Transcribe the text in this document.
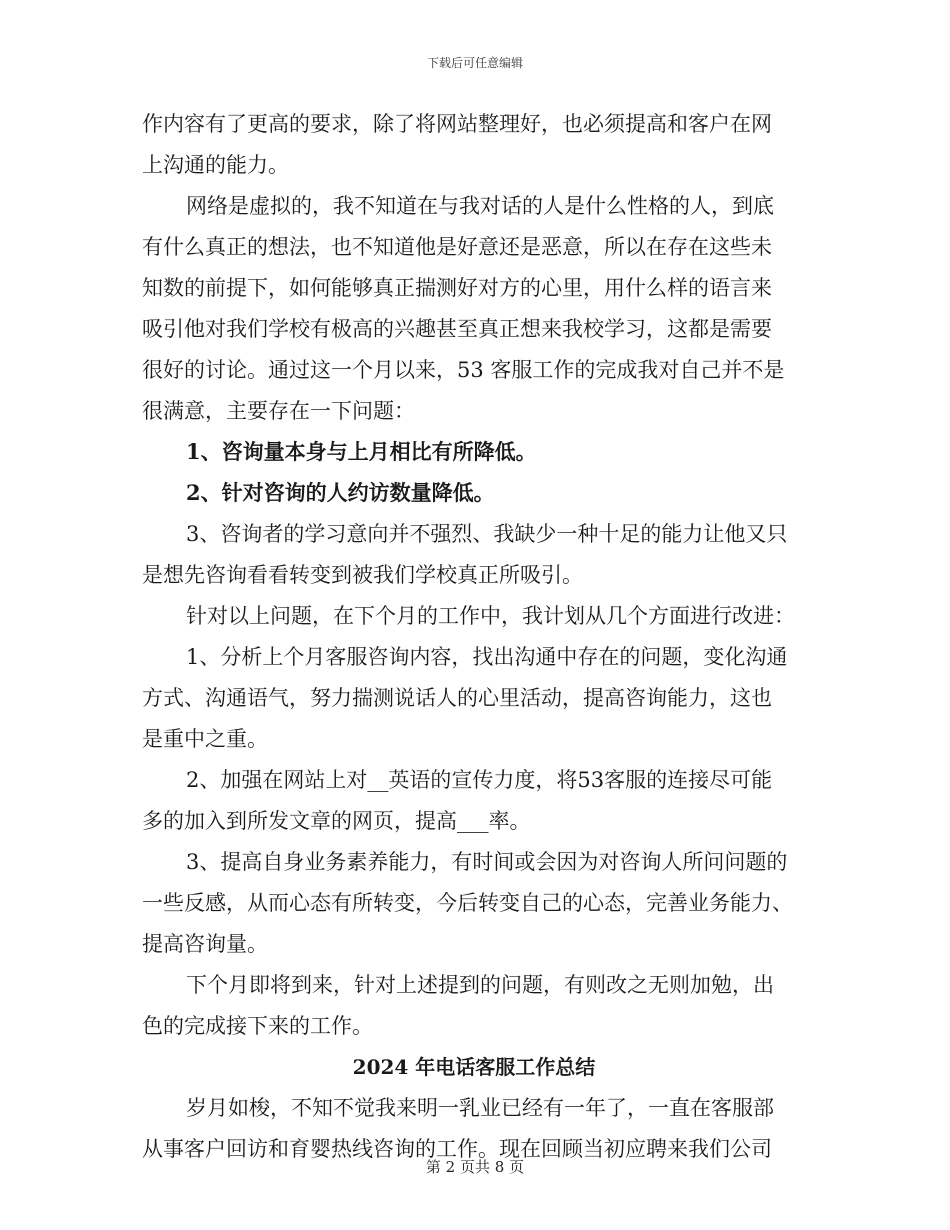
下载后可任意编辑
作内容有了更高的要求，除了将网站整理好，也必须提高和客户在网
上沟通的能力。
网络是虚拟的，我不知道在与我对话的人是什么性格的人，到底
有什么真正的想法，也不知道他是好意还是恶意，所以在存在这些未
知数的前提下，如何能够真正揣测好对方的心里，用什么样的语言来
吸引他对我们学校有极高的兴趣甚至真正想来我校学习，这都是需要
很好的讨论。通过这一个月以来，53 客服工作的完成我对自己并不是
很满意，主要存在一下问题：
1、咨询量本身与上月相比有所降低。
2、针对咨询的人约访数量降低。
3、咨询者的学习意向并不强烈、我缺少一种十足的能力让他又只
是想先咨询看看转变到被我们学校真正所吸引。
针对以上问题，在下个月的工作中，我计划从几个方面进行改进：
1、分析上个月客服咨询内容，找出沟通中存在的问题，变化沟通
方式、沟通语气，努力揣测说话人的心里活动，提高咨询能力，这也
是重中之重。
2、加强在网站上对__英语的宣传力度，将53客服的连接尽可能
多的加入到所发文章的网页，提高___率。
3、提高自身业务素养能力，有时间或会因为对咨询人所问问题的
一些反感，从而心态有所转变，今后转变自己的心态，完善业务能力、
提高咨询量。
下个月即将到来，针对上述提到的问题，有则改之无则加勉，出
色的完成接下来的工作。
2024 年电话客服工作总结
岁月如梭，不知不觉我来明一乳业已经有一年了，一直在客服部
从事客户回访和育婴热线咨询的工作。现在回顾当初应聘来我们公司
第 2 页共 8 页
